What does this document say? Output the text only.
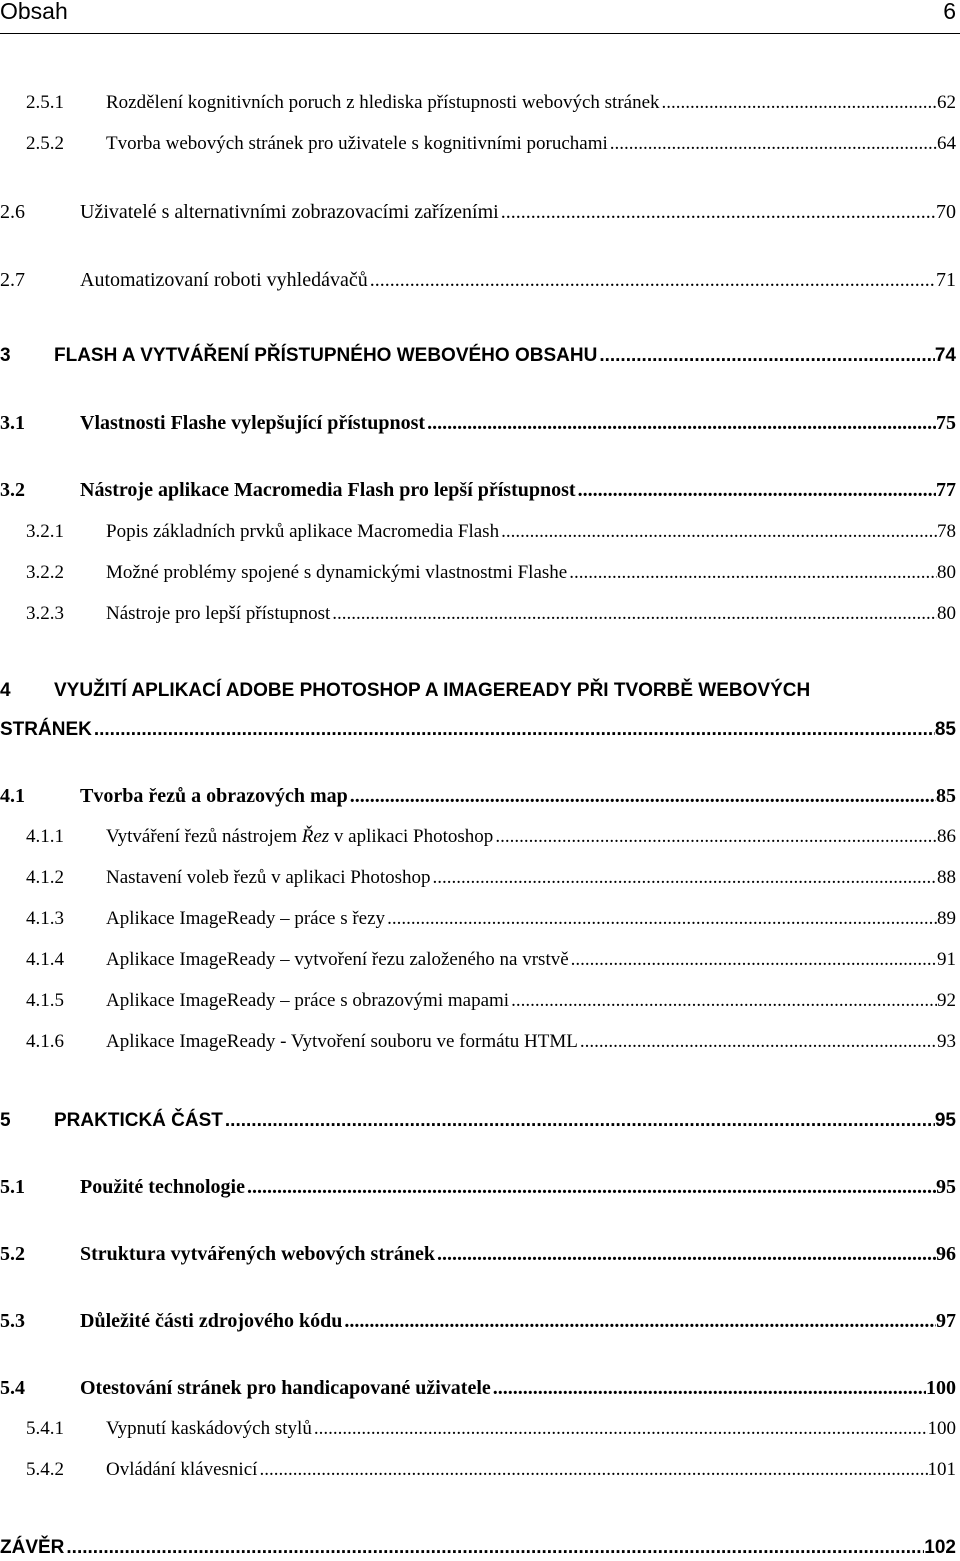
Obsah	6
2.5.1	Rozdělení kognitivních poruch z hlediska přístupnosti webových stránek .....	62
2.5.2	Tvorba webových stránek pro uživatele s kognitivními poruchami .....	64
2.6	Uživatelé s alternativními zobrazovacími zařízeními .....	70
2.7	Automatizovaní roboti vyhledávačů .....	71
3	FLASH A VYTVÁŘENÍ PŘÍSTUPNÉHO WEBOVÉHO OBSAHU .....	74
3.1	Vlastnosti Flashe vylepšující přístupnost .....	75
3.2	Nástroje aplikace Macromedia Flash pro lepší přístupnost .....	77
3.2.1	Popis základních prvků aplikace Macromedia Flash .....	78
3.2.2	Možné problémy spojené s dynamickými vlastnostmi Flashe .....	80
3.2.3	Nástroje pro lepší přístupnost .....	80
4	VYUŽITÍ APLIKACÍ ADOBE PHOTOSHOP A IMAGEREADY PŘI TVORBĚ WEBOVÝCH
STRÁNEK .....	85
4.1	Tvorba řezů a obrazových map .....	85
4.1.1	Vytváření řezů nástrojem Řez v aplikaci Photoshop .....	86
4.1.2	Nastavení voleb řezů v aplikaci Photoshop .....	88
4.1.3	Aplikace ImageReady – práce s řezy .....	89
4.1.4	Aplikace ImageReady – vytvoření řezu založeného na vrstvě .....	91
4.1.5	Aplikace ImageReady – práce s obrazovými mapami .....	92
4.1.6	Aplikace ImageReady - Vytvoření souboru ve formátu HTML .....	93
5	PRAKTICKÁ ČÁST .....	95
5.1	Použité technologie .....	95
5.2	Struktura vytvářených webových stránek .....	96
5.3	Důležité části zdrojového kódu .....	97
5.4	Otestování stránek pro handicapované uživatele .....	100
5.4.1	Vypnutí kaskádových stylů .....	100
5.4.2	Ovládání klávesnicí .....	101
ZÁVĚR .....	102
